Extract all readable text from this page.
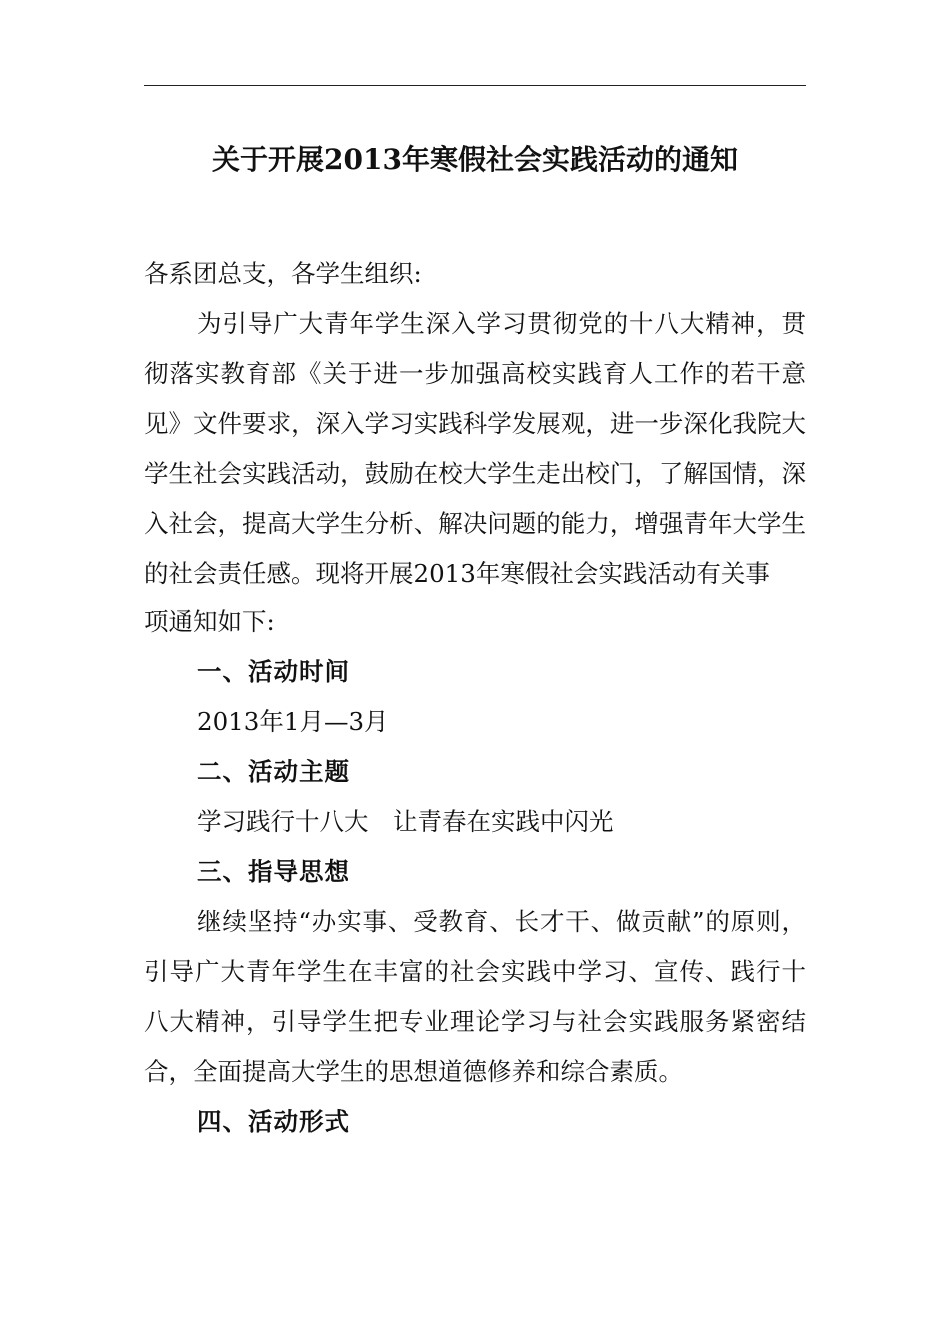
关于开展2013年寒假社会实践活动的通知
各系团总支，各学生组织:
为引导广大青年学生深入学习贯彻党的十八大精神，贯
彻落实教育部《关于进一步加强高校实践育人工作的若干意
见》文件要求，深入学习实践科学发展观，进一步深化我院大
学生社会实践活动，鼓励在校大学生走出校门，了解国情，深
入社会，提高大学生分析、解决问题的能力，增强青年大学生
的社会责任感。现将开展2013年寒假社会实践活动有关事
项通知如下:
一、活动时间
2013年1月—3月
二、活动主题
学习践行十八大　让青春在实践中闪光
三、指导思想
继续坚持“办实事、受教育、长才干、做贡献”的原则，
引导广大青年学生在丰富的社会实践中学习、宣传、践行十
八大精神，引导学生把专业理论学习与社会实践服务紧密结
合，全面提高大学生的思想道德修养和综合素质。
四、活动形式
